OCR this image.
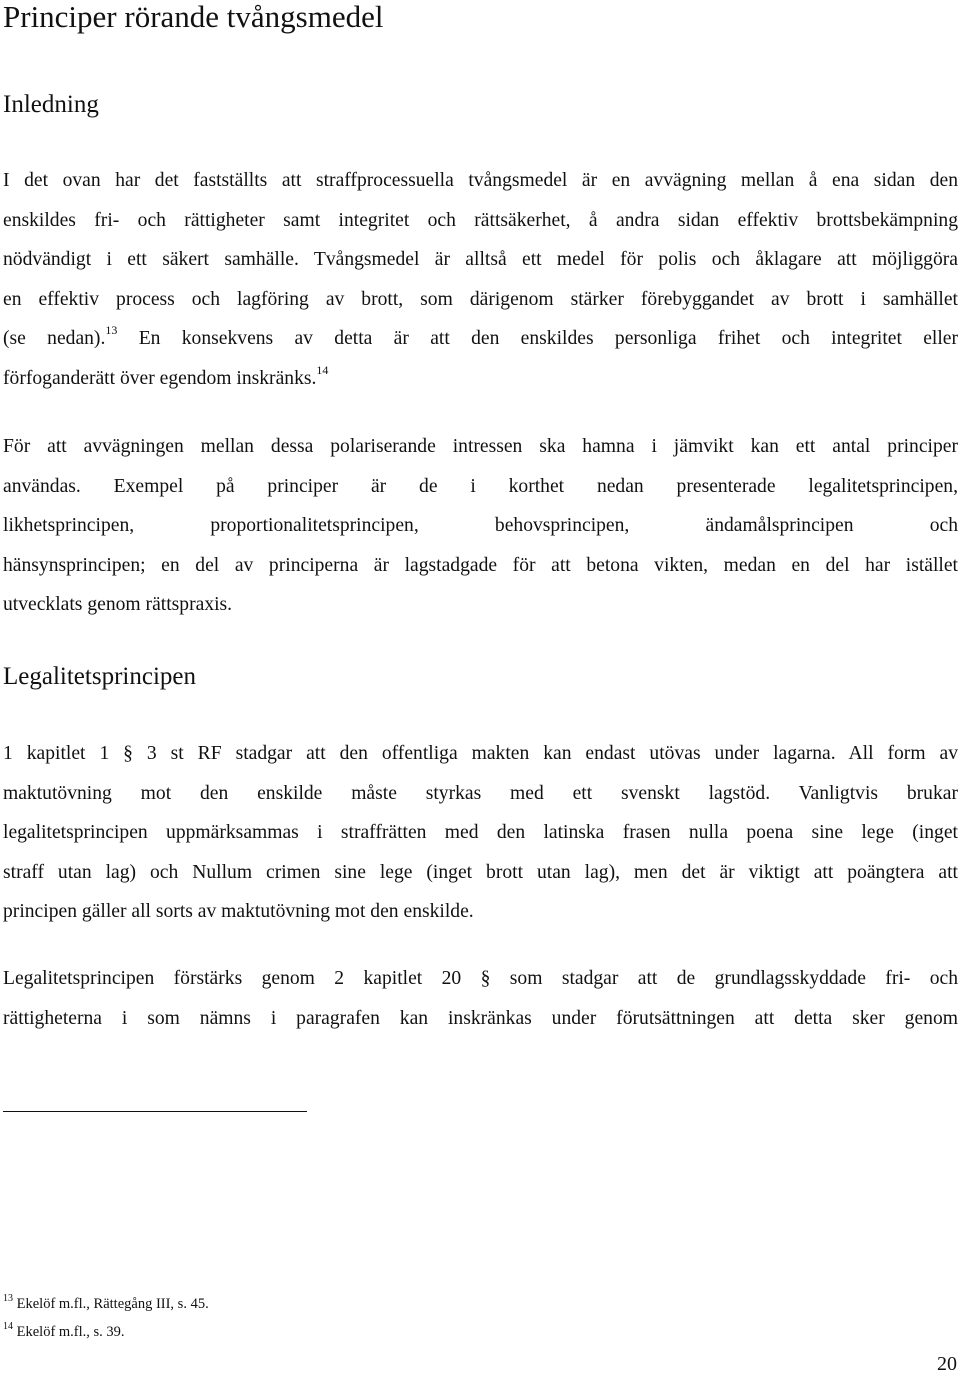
Principer rörande tvångsmedel
Inledning
I det ovan har det fastställts att straffprocessuella tvångsmedel är en avvägning mellan å ena sidan den
enskildes fri- och rättigheter samt integritet och rättsäkerhet, å andra sidan effektiv brottsbekämpning
nödvändigt i ett säkert samhälle. Tvångsmedel är alltså ett medel för polis och åklagare att möjliggöra
en effektiv process och lagföring av brott, som därigenom stärker förebyggandet av brott i samhället
(se nedan).$^{13}$ En konsekvens av detta är att den enskildes personliga frihet och integritet eller
förfoganderätt över egendom inskränks.$^{14}$
För att avvägningen mellan dessa polariserande intressen ska hamna i jämvikt kan ett antal principer
användas. Exempel på principer är de i korthet nedan presenterade legalitetsprincipen,
likhetsprincipen, proportionalitetsprincipen, behovsprincipen, ändamålsprincipen och
hänsynsprincipen; en del av principerna är lagstadgade för att betona vikten, medan en del har istället
utvecklats genom rättspraxis.
Legalitetsprincipen
1 kapitlet 1 § 3 st RF stadgar att den offentliga makten kan endast utövas under lagarna. All form av
maktutövning mot den enskilde måste styrkas med ett svenskt lagstöd. Vanligtvis brukar
legalitetsprincipen uppmärksammas i straffrätten med den latinska frasen nulla poena sine lege (inget
straff utan lag) och Nullum crimen sine lege (inget brott utan lag), men det är viktigt att poängtera att
principen gäller all sorts av maktutövning mot den enskilde.
Legalitetsprincipen förstärks genom 2 kapitlet 20 § som stadgar att de grundlagsskyddade fri- och
rättigheterna i som nämns i paragrafen kan inskränkas under förutsättningen att detta sker genom
$^{13}$ Ekelöf m.fl., Rättegång III, s. 45.
$^{14}$ Ekelöf m.fl., s. 39.
20
